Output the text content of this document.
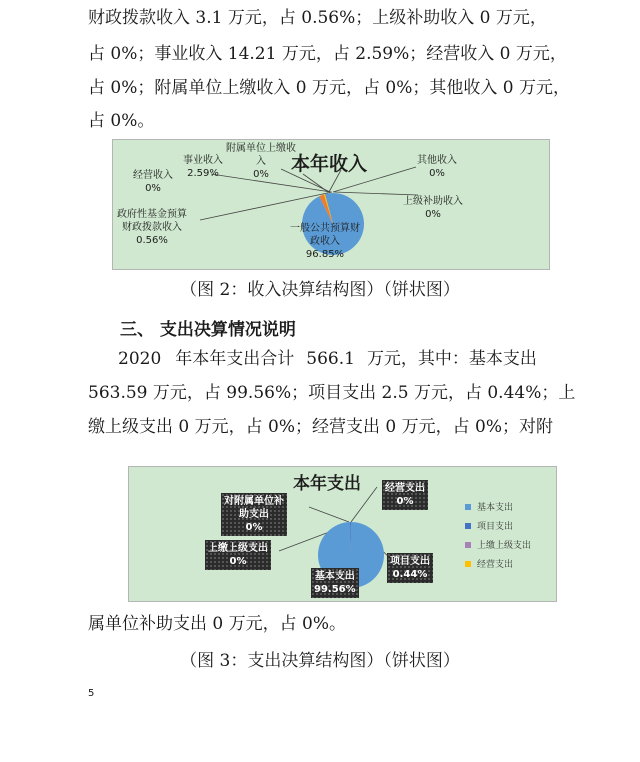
财政拨款收入 3.1 万元，占 0.56%；上级补助收入 0 万元，
占 0%；事业收入 14.21 万元，占 2.59%；经营收入 0 万元，
占 0%；附属单位上缴收入 0 万元，占 0%；其他收入 0 万元，
占 0%。
本年收入
附属单位上缴收
入
0%
事业收入
2.59%
经营收入
0%
政府性基金预算
财政拨款收入
0.56%
一般公共预算财
政收入
96.85%
其他收入
0%
上级补助收入
0%
（图 2：收入决算结构图）（饼状图）
三、 支出决算情况说明
2020 年本年支出合计 566.1 万元，其中：基本支出
563.59 万元，占 99.56%；项目支出 2.5 万元，占 0.44%；上
缴上级支出 0 万元，占 0%；经营支出 0 万元，占 0%；对附
本年支出
对附属单位补
助支出
0%
经营支出
0%
上缴上级支出
0%	项目支出
0.44%
基本支出
99.56%
基本支出
项目支出
上缴上级支出
经营支出
属单位补助支出 0 万元，占 0%。
（图 3：支出决算结构图）（饼状图）
5
